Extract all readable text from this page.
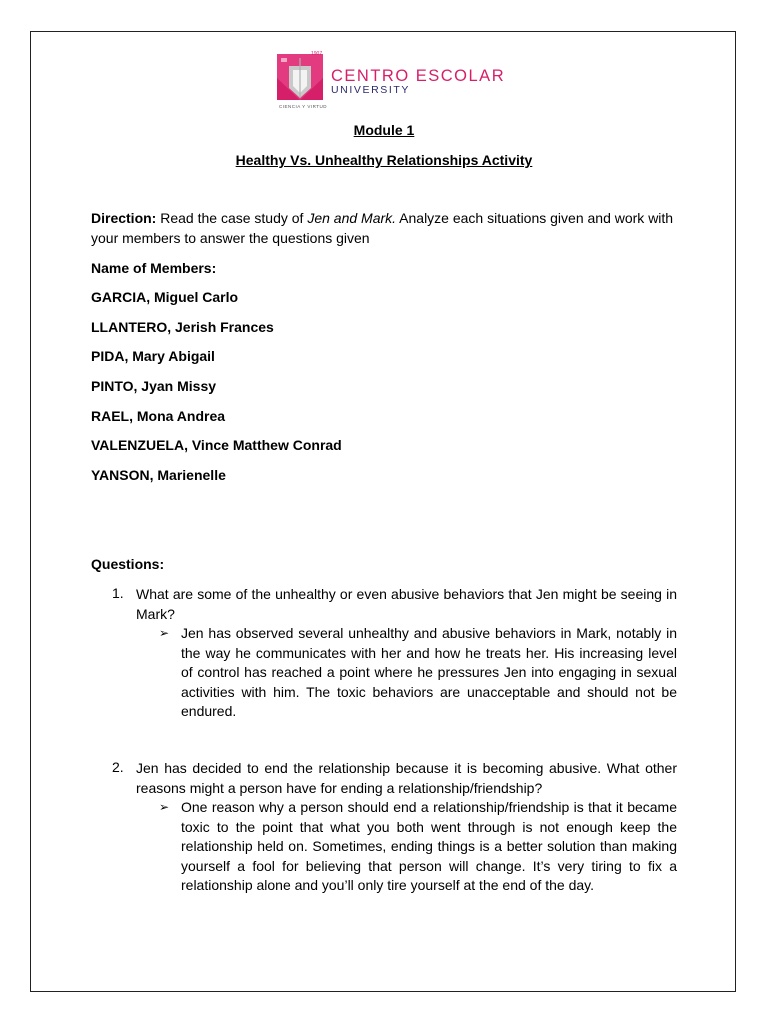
1907
CENTRO ESCOLAR
UNIVERSITY
CIENCIA Y VIRTUD
Module 1
Healthy Vs. Unhealthy Relationships Activity
Direction: Read the case study of Jen and Mark. Analyze each situations given and work with your members to answer the questions given
Name of Members:
GARCIA, Miguel Carlo
LLANTERO, Jerish Frances
PIDA, Mary Abigail
PINTO, Jyan Missy
RAEL, Mona Andrea
VALENZUELA, Vince Matthew Conrad
YANSON, Marienelle
Questions:
1. What are some of the unhealthy or even abusive behaviors that Jen might be seeing in Mark?
➢ Jen has observed several unhealthy and abusive behaviors in Mark, notably in the way he communicates with her and how he treats her. His increasing level of control has reached a point where he pressures Jen into engaging in sexual activities with him. The toxic behaviors are unacceptable and should not be endured.
2. Jen has decided to end the relationship because it is becoming abusive. What other reasons might a person have for ending a relationship/friendship?
➢ One reason why a person should end a relationship/friendship is that it became toxic to the point that what you both went through is not enough keep the relationship held on. Sometimes, ending things is a better solution than making yourself a fool for believing that person will change. It’s very tiring to fix a relationship alone and you’ll only tire yourself at the end of the day.
